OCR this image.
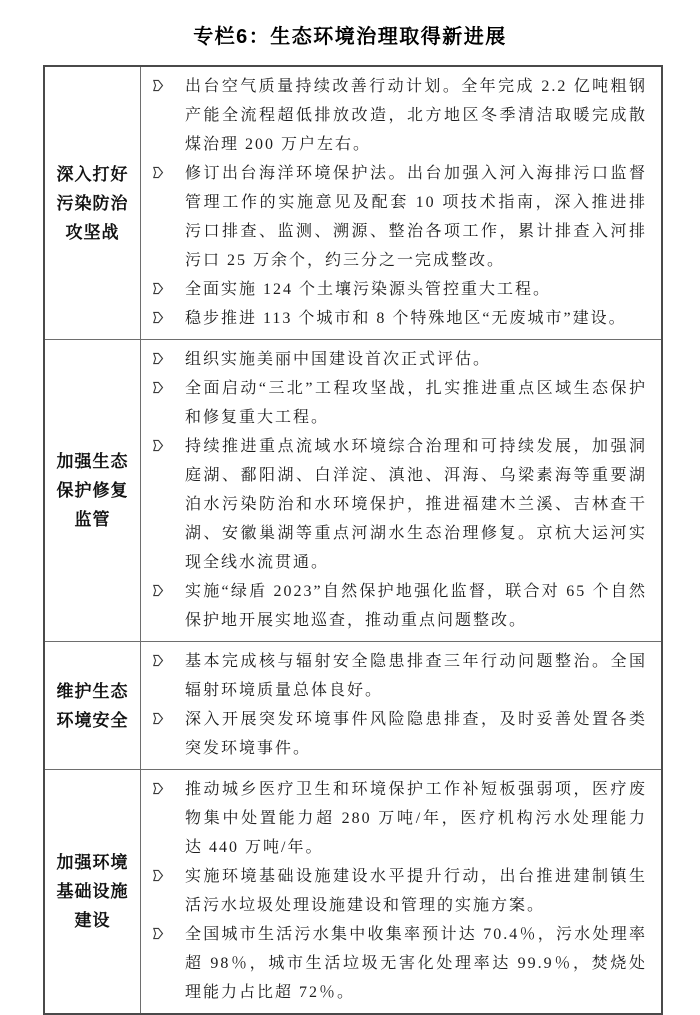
专栏6：生态环境治理取得新进展
深入打好污染防治攻坚战

出台空气质量持续改善行动计划。全年完成 2.2 亿吨粗钢产能全流程超低排放改造，北方地区冬季清洁取暖完成散煤治理 200 万户左右。

修订出台海洋环境保护法。出台加强入河入海排污口监督管理工作的实施意见及配套 10 项技术指南，深入推进排污口排查、监测、溯源、整治各项工作，累计排查入河排污口 25 万余个，约三分之一完成整改。

全面实施 124 个土壤污染源头管控重大工程。

稳步推进 113 个城市和 8 个特殊地区“无废城市”建设。

加强生态保护修复监管

组织实施美丽中国建设首次正式评估。

全面启动“三北”工程攻坚战，扎实推进重点区域生态保护和修复重大工程。

持续推进重点流域水环境综合治理和可持续发展，加强洞庭湖、鄱阳湖、白洋淀、滇池、洱海、乌梁素海等重要湖泊水污染防治和水环境保护，推进福建木兰溪、吉林查干湖、安徽巢湖等重点河湖水生态治理修复。京杭大运河实现全线水流贯通。

实施“绿盾 2023”自然保护地强化监督，联合对 65 个自然保护地开展实地巡查，推动重点问题整改。

维护生态环境安全

基本完成核与辐射安全隐患排查三年行动问题整治。全国辐射环境质量总体良好。

深入开展突发环境事件风险隐患排查，及时妥善处置各类突发环境事件。

加强环境基础设施建设

推动城乡医疗卫生和环境保护工作补短板强弱项，医疗废物集中处置能力超 280 万吨/年，医疗机构污水处理能力达 440 万吨/年。

实施环境基础设施建设水平提升行动，出台推进建制镇生活污水垃圾处理设施建设和管理的实施方案。

全国城市生活污水集中收集率预计达 70.4％，污水处理率超 98％，城市生活垃圾无害化处理率达 99.9％，焚烧处理能力占比超 72％。
